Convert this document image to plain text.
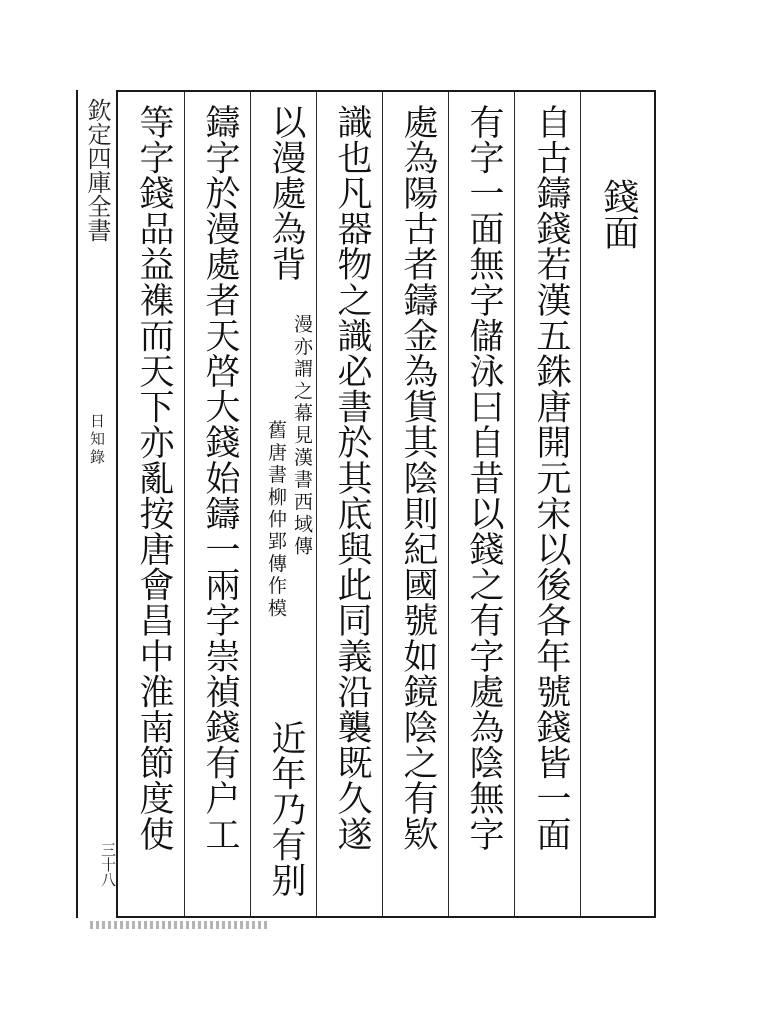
欽定四庫全書
日知錄
三十八
錢面
自古鑄錢若漢五銖唐開元宋以後各年號錢皆一面
有字一面無字儲泳曰自昔以錢之有字處為陰無字
處為陽古者鑄金為貨其陰則紀國號如鏡陰之有欵
識也凡器物之識必書於其底與此同義沿襲既久遂
以漫處為背
漫亦謂之幕見漢書西域傳
舊唐書柳仲郢傳作模
近年乃有别
鑄字於漫處者天啓大錢始鑄一兩字崇禎錢有户工
等字錢品益襍而天下亦亂按唐會昌中淮南節度使
